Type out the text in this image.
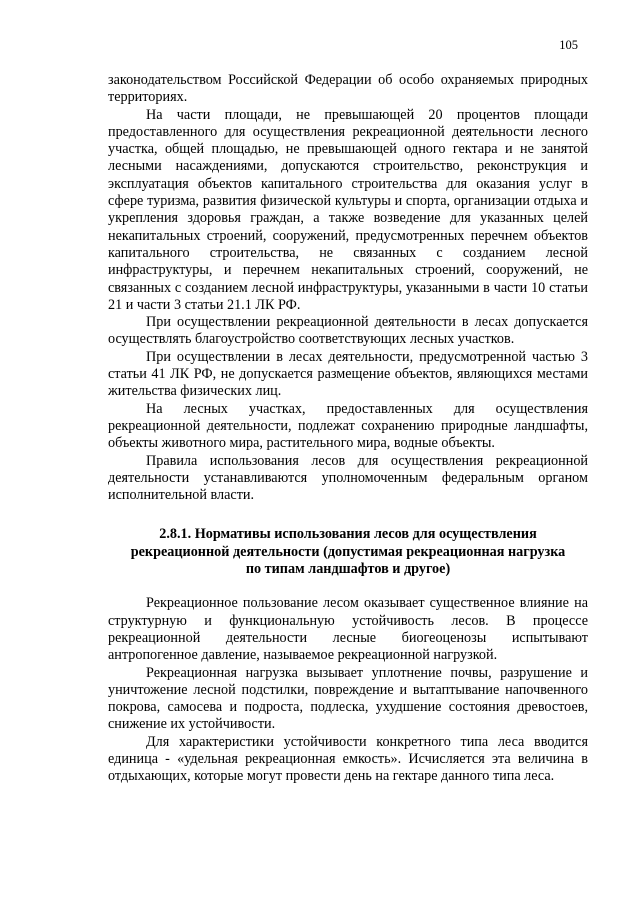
105

законодательством Российской Федерации об особо охраняемых природных территориях.

На части площади, не превышающей 20 процентов площади предоставленного для осуществления рекреационной деятельности лесного участка, общей площадью, не превышающей одного гектара и не занятой лесными насаждениями, допускаются строительство, реконструкция и эксплуатация объектов капитального строительства для оказания услуг в сфере туризма, развития физической культуры и спорта, организации отдыха и укрепления здоровья граждан, а также возведение для указанных целей некапитальных строений, сооружений, предусмотренных перечнем объектов капитального строительства, не связанных с созданием лесной инфраструктуры, и перечнем некапитальных строений, сооружений, не связанных с созданием лесной инфраструктуры, указанными в части 10 статьи 21 и части 3 статьи 21.1 ЛК РФ.

При осуществлении рекреационной деятельности в лесах допускается осуществлять благоустройство соответствующих лесных участков.

При осуществлении в лесах деятельности, предусмотренной частью 3 статьи 41 ЛК РФ, не допускается размещение объектов, являющихся местами жительства физических лиц.

На лесных участках, предоставленных для осуществления рекреационной деятельности, подлежат сохранению природные ландшафты, объекты животного мира, растительного мира, водные объекты.

Правила использования лесов для осуществления рекреационной деятельности устанавливаются уполномоченным федеральным органом исполнительной власти.

2.8.1. Нормативы использования лесов для осуществления рекреационной деятельности (допустимая рекреационная нагрузка по типам ландшафтов и другое)

Рекреационное пользование лесом оказывает существенное влияние на структурную и функциональную устойчивость лесов. В процессе рекреационной деятельности лесные биогеоценозы испытывают антропогенное давление, называемое рекреационной нагрузкой.

Рекреационная нагрузка вызывает уплотнение почвы, разрушение и уничтожение лесной подстилки, повреждение и вытаптывание напочвенного покрова, самосева и подроста, подлеска, ухудшение состояния древостоев, снижение их устойчивости.

Для характеристики устойчивости конкретного типа леса вводится единица - «удельная рекреационная емкость». Исчисляется эта величина в отдыхающих, которые могут провести день на гектаре данного типа леса.
